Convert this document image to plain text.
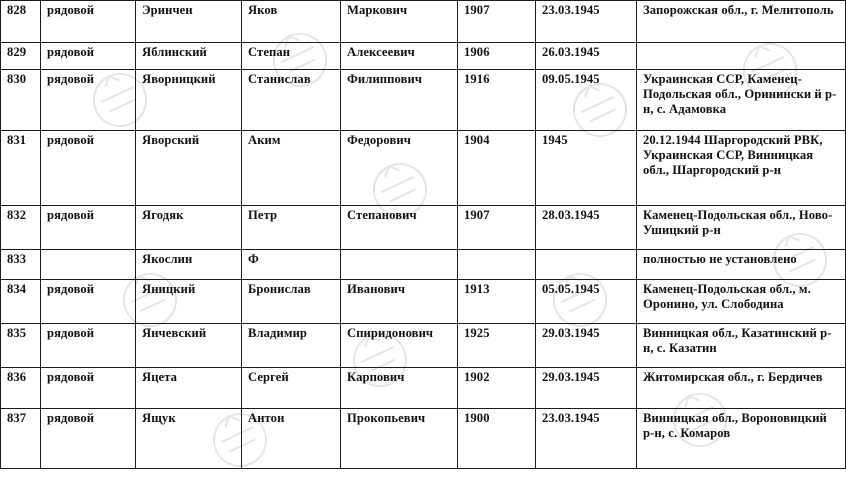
828	рядовой	Эринчен	Яков	Маркович	1907	23.03.1945	Запорожская обл., г. Мелитополь
829	рядовой	Яблинский	Степан	Алексеевич	1906	26.03.1945	
830	рядовой	Яворницкий	Станислав	Филиппович	1916	09.05.1945	Украинская ССР, Каменец-Подольская обл., Оринински й р-н, с. Адамовка
831	рядовой	Яворский	Аким	Федорович	1904	1945	20.12.1944 Шаргородский РВК, Украинская ССР, Винницкая обл., Шаргородский р-н
832	рядовой	Ягодяк	Петр	Степанович	1907	28.03.1945	Каменец-Подольская обл., Ново-Ушицкий р-н
833		Якослин	Ф				полностью не установлено
834	рядовой	Яницкий	Бронислав	Иванович	1913	05.05.1945	Каменец-Подольская обл., м. Оронино, ул. Слободина
835	рядовой	Янчевский	Владимир	Спиридонович	1925	29.03.1945	Винницкая обл., Казатинский р-н, с. Казатин
836	рядовой	Яцета	Сергей	Карпович	1902	29.03.1945	Житомирская обл., г. Бердичев
837	рядовой	Ящук	Антон	Прокопьевич	1900	23.03.1945	Винницкая обл., Вороновицкий р-н, с. Комаров
